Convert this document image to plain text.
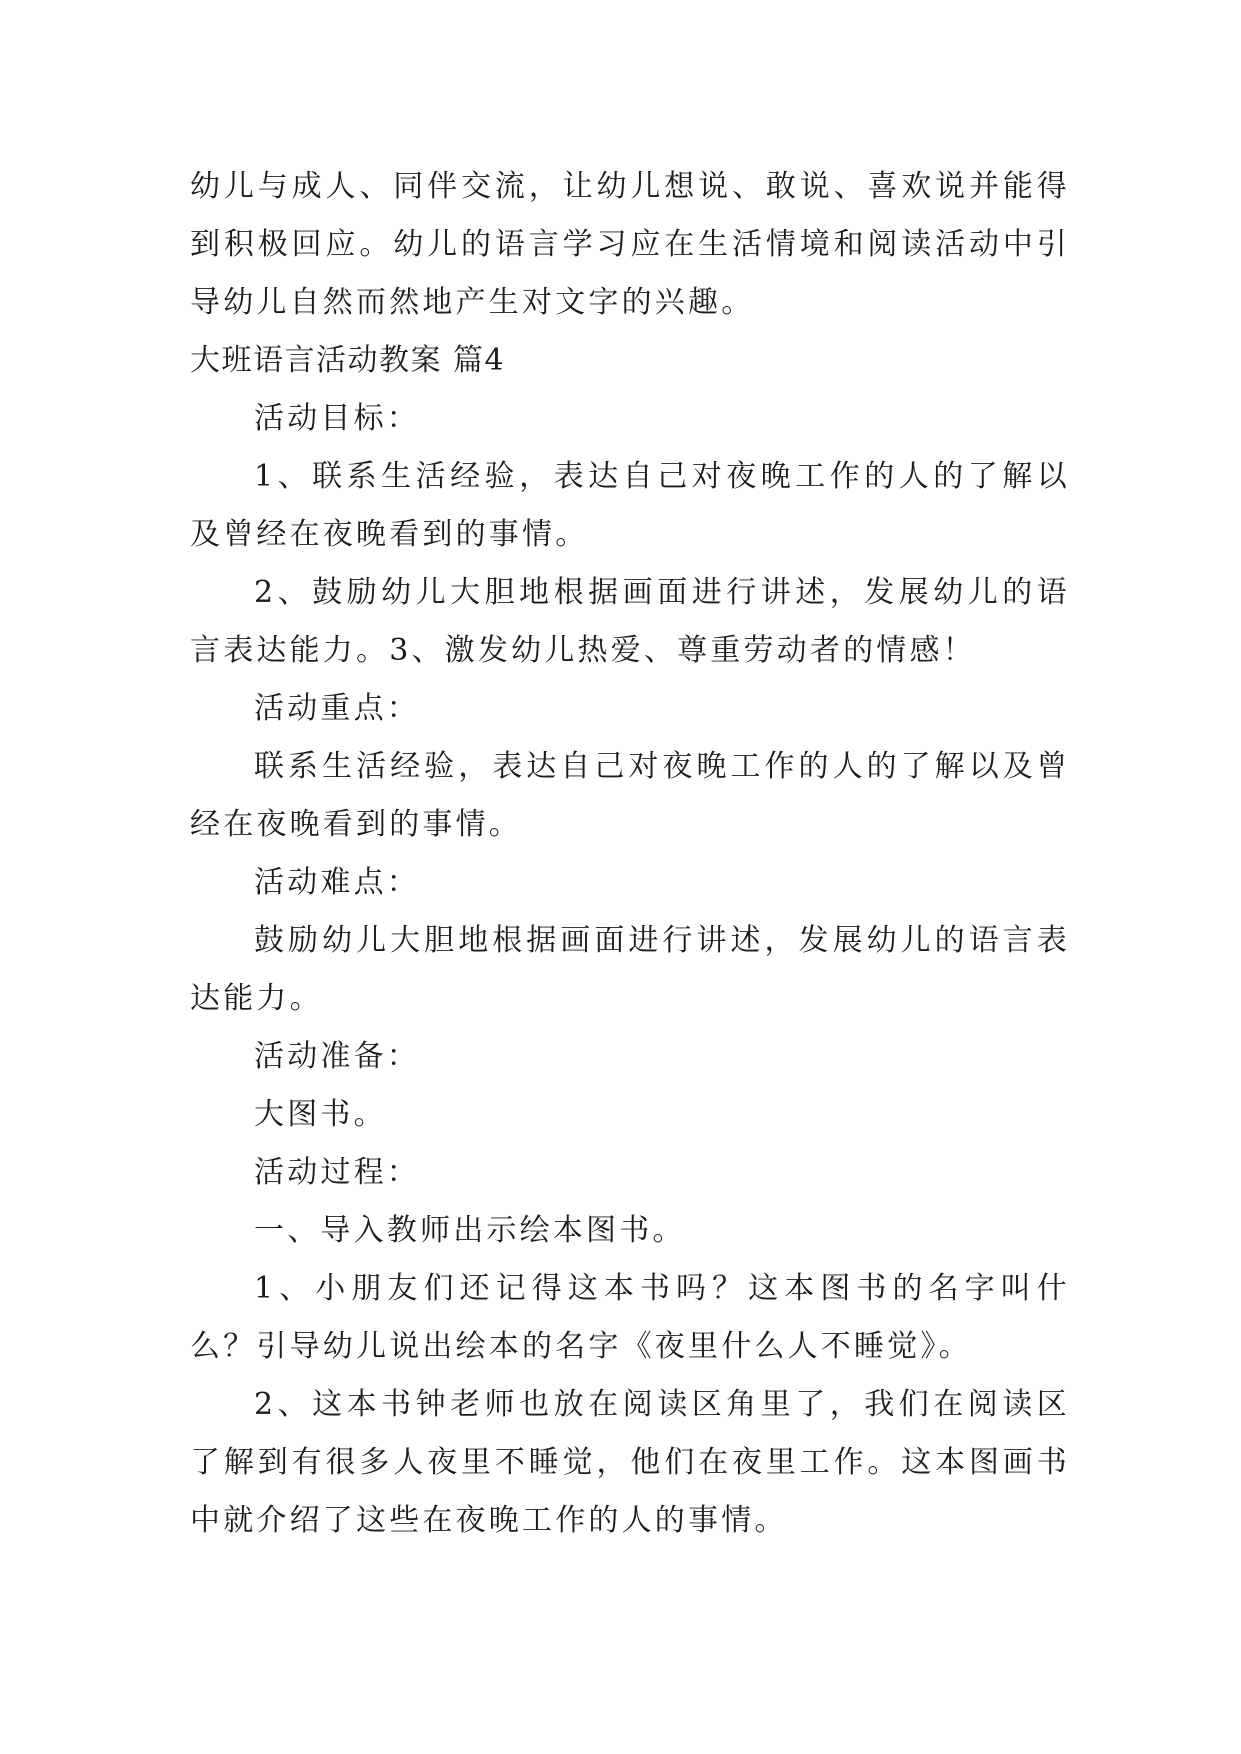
幼儿与成人、同伴交流，让幼儿想说、敢说、喜欢说并能得到积极回应。幼儿的语言学习应在生活情境和阅读活动中引导幼儿自然而然地产生对文字的兴趣。

大班语言活动教案 篇4

活动目标：

1、联系生活经验，表达自己对夜晚工作的人的了解以及曾经在夜晚看到的事情。

2、鼓励幼儿大胆地根据画面进行讲述，发展幼儿的语言表达能力。3、激发幼儿热爱、尊重劳动者的情感！

活动重点：

联系生活经验，表达自己对夜晚工作的人的了解以及曾经在夜晚看到的事情。

活动难点：

鼓励幼儿大胆地根据画面进行讲述，发展幼儿的语言表达能力。

活动准备：

大图书。

活动过程：

一、导入教师出示绘本图书。

1、小朋友们还记得这本书吗？这本图书的名字叫什么？引导幼儿说出绘本的名字《夜里什么人不睡觉》。

2、这本书钟老师也放在阅读区角里了，我们在阅读区了解到有很多人夜里不睡觉，他们在夜里工作。这本图画书中就介绍了这些在夜晚工作的人的事情。
